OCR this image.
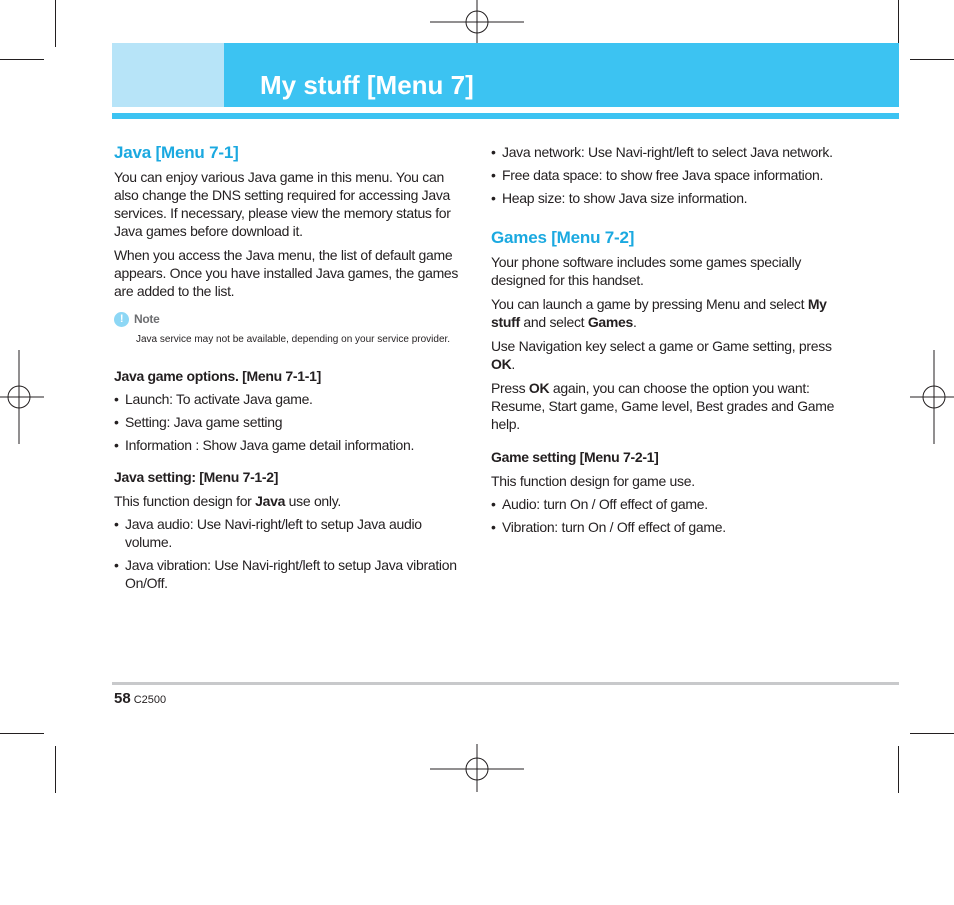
My stuff [Menu 7]
Java [Menu 7-1]

You can enjoy various Java game in this menu. You can also change the DNS setting required for accessing Java services. If necessary, please view the memory status for Java games before download it.

When you access the Java menu, the list of default game appears. Once you have installed Java games, the games are added to the list.

! Note

Java service may not be available, depending on your service provider.

Java game options. [Menu 7-1-1]
• Launch: To activate Java game.
• Setting: Java game setting
• Information : Show Java game detail information.
Java setting: [Menu 7-1-2]

This function design for Java use only.

• Java audio: Use Navi-right/left to setup Java audio volume.
• Java vibration: Use Navi-right/left to setup Java vibration On/Off.
• Java network: Use Navi-right/left to select Java network.
• Free data space: to show free Java space information.
• Heap size: to show Java size information.
Games [Menu 7-2]

Your phone software includes some games specially designed for this handset.

You can launch a game by pressing Menu and select My stuff and select Games.

Use Navigation key select a game or Game setting, press OK.

Press OK again, you can choose the option you want: Resume, Start game, Game level, Best grades and Game help.

Game setting [Menu 7-2-1]

This function design for game use.

• Audio: turn On / Off effect of game.
• Vibration: turn On / Off effect of game.
58 C2500
